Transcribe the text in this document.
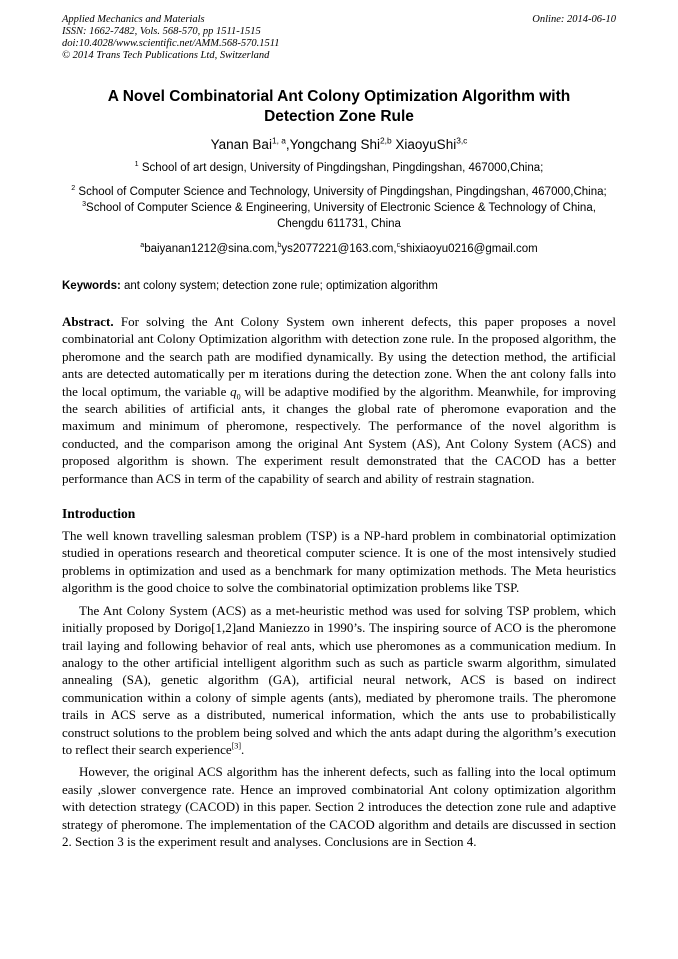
Applied Mechanics and Materials
ISSN: 1662-7482, Vols. 568-570, pp 1511-1515
doi:10.4028/www.scientific.net/AMM.568-570.1511
© 2014 Trans Tech Publications Ltd, Switzerland
Online: 2014-06-10
A Novel Combinatorial Ant Colony Optimization Algorithm with Detection Zone Rule
Yanan Bai$^{1, a}$,Yongchang Shi$^{2,b}$ XiaoyuShi$^{3,c}$
$^1$ School of art design, University of Pingdingshan, Pingdingshan, 467000,China;
$^2$ School of Computer Science and Technology, University of Pingdingshan, Pingdingshan, 467000,China; $^3$School of Computer Science & Engineering, University of Electronic Science & Technology of China, Chengdu 611731, China
$^a$baiyanan1212@sina.com,$^b$ys2077221@163.com,$^c$shixiaoyu0216@gmail.com
Keywords: ant colony system; detection zone rule; optimization algorithm
Abstract. For solving the Ant Colony System own inherent defects, this paper proposes a novel combinatorial ant Colony Optimization algorithm with detection zone rule. In the proposed algorithm, the pheromone and the search path are modified dynamically. By using the detection method, the artificial ants are detected automatically per m iterations during the detection zone. When the ant colony falls into the local optimum, the variable $q_0$ will be adaptive modified by the algorithm. Meanwhile, for improving the search abilities of artificial ants, it changes the global rate of pheromone evaporation and the maximum and minimum of pheromone, respectively. The performance of the novel algorithm is conducted, and the comparison among the original Ant System (AS), Ant Colony System (ACS) and proposed algorithm is shown. The experiment result demonstrated that the CACOD has a better performance than ACS in term of the capability of search and ability of restrain stagnation.
Introduction
The well known travelling salesman problem (TSP) is a NP-hard problem in combinatorial optimization studied in operations research and theoretical computer science. It is one of the most intensively studied problems in optimization and used as a benchmark for many optimization methods. The Meta heuristics algorithm is the good choice to solve the combinatorial optimization problems like TSP.
The Ant Colony System (ACS) as a met-heuristic method was used for solving TSP problem, which initially proposed by Dorigo[1,2]and Maniezzo in 1990’s. The inspiring source of ACO is the pheromone trail laying and following behavior of real ants, which use pheromones as a communication medium. In analogy to the other artificial intelligent algorithm such as such as particle swarm algorithm, simulated annealing (SA), genetic algorithm (GA), artificial neural network, ACS is based on indirect communication within a colony of simple agents (ants), mediated by pheromone trails. The pheromone trails in ACS serve as a distributed, numerical information, which the ants use to probabilistically construct solutions to the problem being solved and which the ants adapt during the algorithm’s execution to reflect their search experience[3].
However, the original ACS algorithm has the inherent defects, such as falling into the local optimum easily ,slower convergence rate. Hence an improved combinatorial Ant colony optimization algorithm with detection strategy (CACOD) in this paper. Section 2 introduces the detection zone rule and adaptive strategy of pheromone. The implementation of the CACOD algorithm and details are discussed in section 2. Section 3 is the experiment result and analyses. Conclusions are in Section 4.
